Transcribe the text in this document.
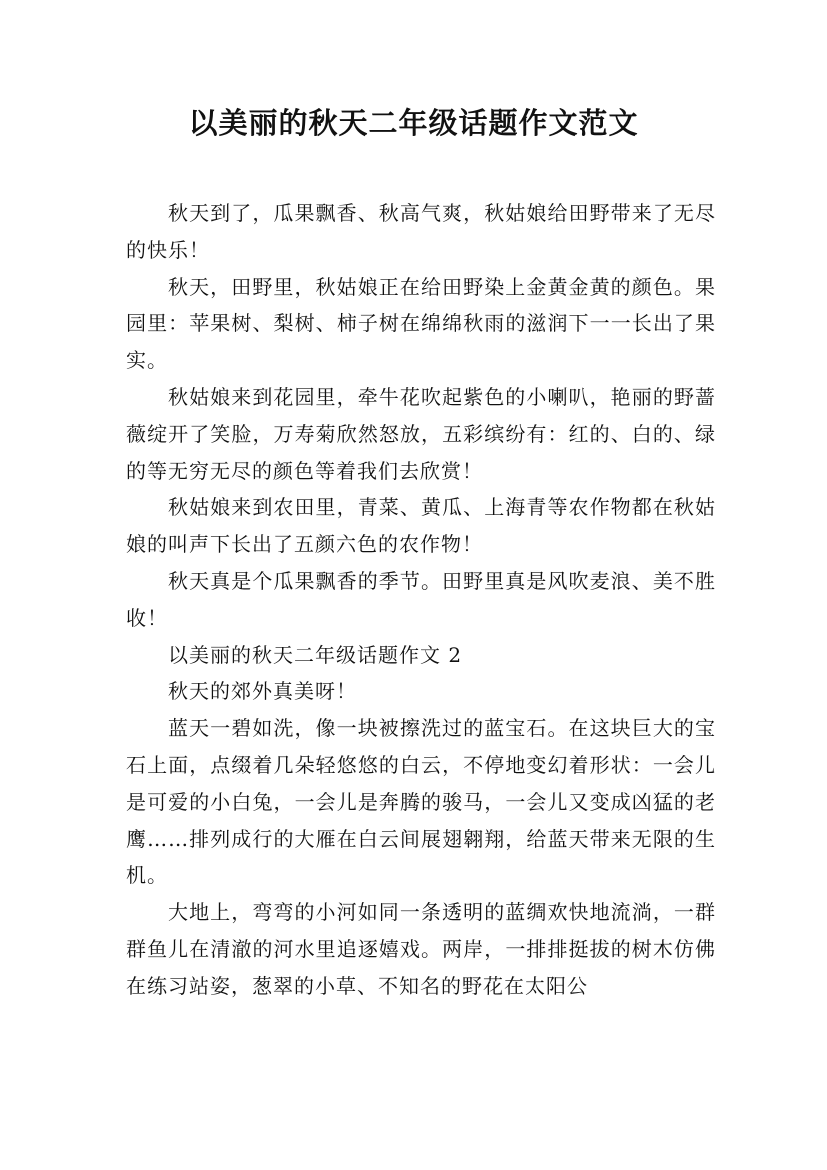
以美丽的秋天二年级话题作文范文

秋天到了，瓜果飘香、秋高气爽，秋姑娘给田野带来了无尽的快乐！

秋天，田野里，秋姑娘正在给田野染上金黄金黄的颜色。果园里：苹果树、梨树、柿子树在绵绵秋雨的滋润下一一长出了果实。

秋姑娘来到花园里，牵牛花吹起紫色的小喇叭，艳丽的野蔷薇绽开了笑脸，万寿菊欣然怒放，五彩缤纷有：红的、白的、绿的等无穷无尽的颜色等着我们去欣赏！

秋姑娘来到农田里，青菜、黄瓜、上海青等农作物都在秋姑娘的叫声下长出了五颜六色的农作物！

秋天真是个瓜果飘香的季节。田野里真是风吹麦浪、美不胜收！

以美丽的秋天二年级话题作文 2

秋天的郊外真美呀！

蓝天一碧如洗，像一块被擦洗过的蓝宝石。在这块巨大的宝石上面，点缀着几朵轻悠悠的白云，不停地变幻着形状：一会儿是可爱的小白兔，一会儿是奔腾的骏马，一会儿又变成凶猛的老鹰……排列成行的大雁在白云间展翅翱翔，给蓝天带来无限的生机。

大地上，弯弯的小河如同一条透明的蓝绸欢快地流淌，一群群鱼儿在清澈的河水里追逐嬉戏。两岸，一排排挺拔的树木仿佛在练习站姿，葱翠的小草、不知名的野花在太阳公
